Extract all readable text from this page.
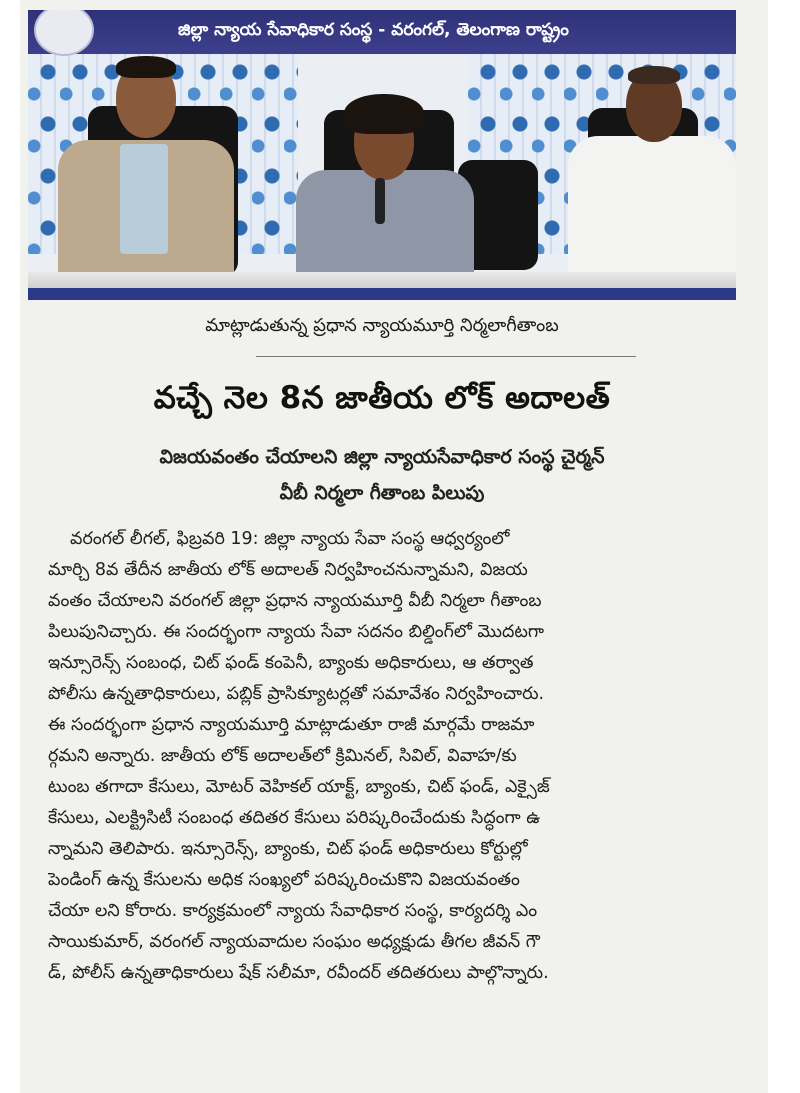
జిల్లా న్యాయ సేవాధికార సంస్థ - వరంగల్, తెలంగాణ రాష్ట్రం
మాట్లాడుతున్న ప్రధాన న్యాయమూర్తి నిర్మలాగీతాంబ
వచ్చే నెల 8న జాతీయ లోక్ అదాలత్
విజయవంతం చేయాలని జిల్లా న్యాయసేవాధికార సంస్థ చైర్మన్
వీబీ నిర్మలా గీతాంబ పిలుపు
వరంగల్ లీగల్, ఫిబ్రవరి 19: జిల్లా న్యాయ సేవా సంస్థ ఆధ్వర్యంలో
మార్చి 8వ తేదీన జాతీయ లోక్ అదాలత్ నిర్వహించనున్నామని, విజయ
వంతం చేయాలని వరంగల్ జిల్లా ప్రధాన న్యాయమూర్తి వీబీ నిర్మలా గీతాంబ
పిలుపునిచ్చారు. ఈ సందర్భంగా న్యాయ సేవా సదనం బిల్డింగ్‌లో మొదటగా
ఇన్సూరెన్స్ సంబంధ, చిట్ ఫండ్ కంపెనీ, బ్యాంకు అధికారులు, ఆ తర్వాత
పోలీసు ఉన్నతాధికారులు, పబ్లిక్ ప్రాసిక్యూటర్లతో సమావేశం నిర్వహించారు.
ఈ సందర్భంగా ప్రధాన న్యాయమూర్తి మాట్లాడుతూ రాజీ మార్గమే రాజమా
ర్గమని అన్నారు. జాతీయ లోక్ అదాలత్‌లో క్రిమినల్, సివిల్, వివాహ/కు
టుంబ తగాదా కేసులు, మోటర్ వెహికల్ యాక్ట్, బ్యాంకు, చిట్ ఫండ్, ఎక్సైజ్
కేసులు, ఎలక్ట్రిసిటీ సంబంధ తదితర కేసులు పరిష్కరించేందుకు సిద్ధంగా ఉ
న్నామని తెలిపారు. ఇన్సూరెన్స్, బ్యాంకు, చిట్ ఫండ్ అధికారులు కోర్టుల్లో
పెండింగ్ ఉన్న కేసులను అధిక సంఖ్యలో పరిష్కరించుకొని విజయవంతం
చేయా లని కోరారు. కార్యక్రమంలో న్యాయ సేవాధికార సంస్థ, కార్యదర్శి ఎం
సాయికుమార్, వరంగల్ న్యాయవాదుల సంఘం అధ్యక్షుడు తీగల జీవన్ గౌ
డ్, పోలీస్ ఉన్నతాధికారులు షేక్ సలీమా, రవీందర్ తదితరులు పాల్గొన్నారు.
